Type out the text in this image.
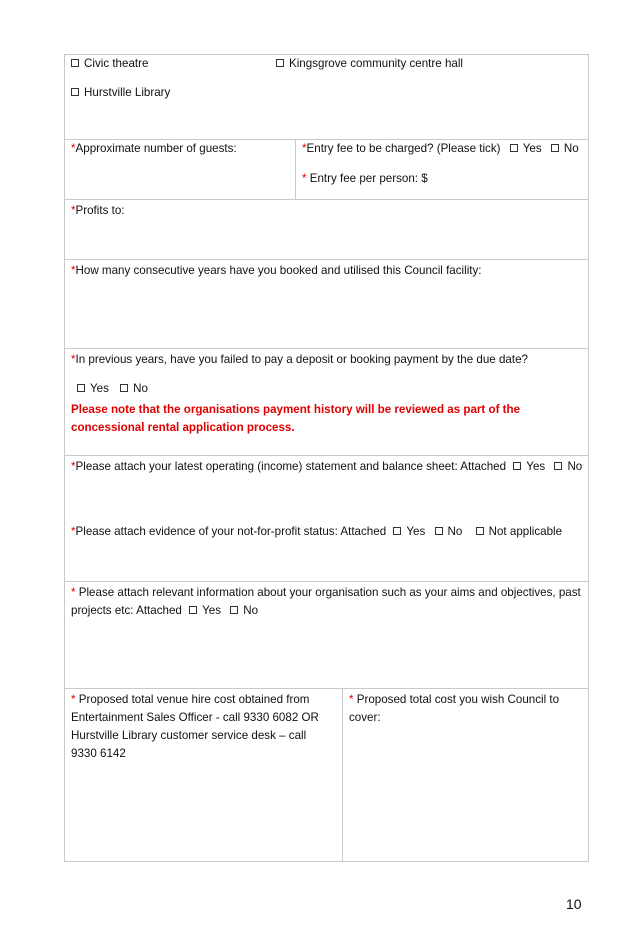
Civic theatre	Kingsgrove community centre hall
Hurstville Library
*Approximate number of guests:	*Entry fee to be charged? (Please tick) Yes No
* Entry fee per person: $
*Profits to:
*How many consecutive years have you booked and utilised this Council facility:
*In previous years, have you failed to pay a deposit or booking payment by the due date?
Yes No
Please note that the organisations payment history will be reviewed as part of the concessional rental application process.
*Please attach your latest operating (income) statement and balance sheet: Attached Yes No
*Please attach evidence of your not-for-profit status: Attached Yes No Not applicable
* Please attach relevant information about your organisation such as your aims and objectives, past projects etc: Attached Yes No
* Proposed total venue hire cost obtained from Entertainment Sales Officer - call 9330 6082 OR Hurstville Library customer service desk – call 9330 6142
* Proposed total cost you wish Council to cover:
10
